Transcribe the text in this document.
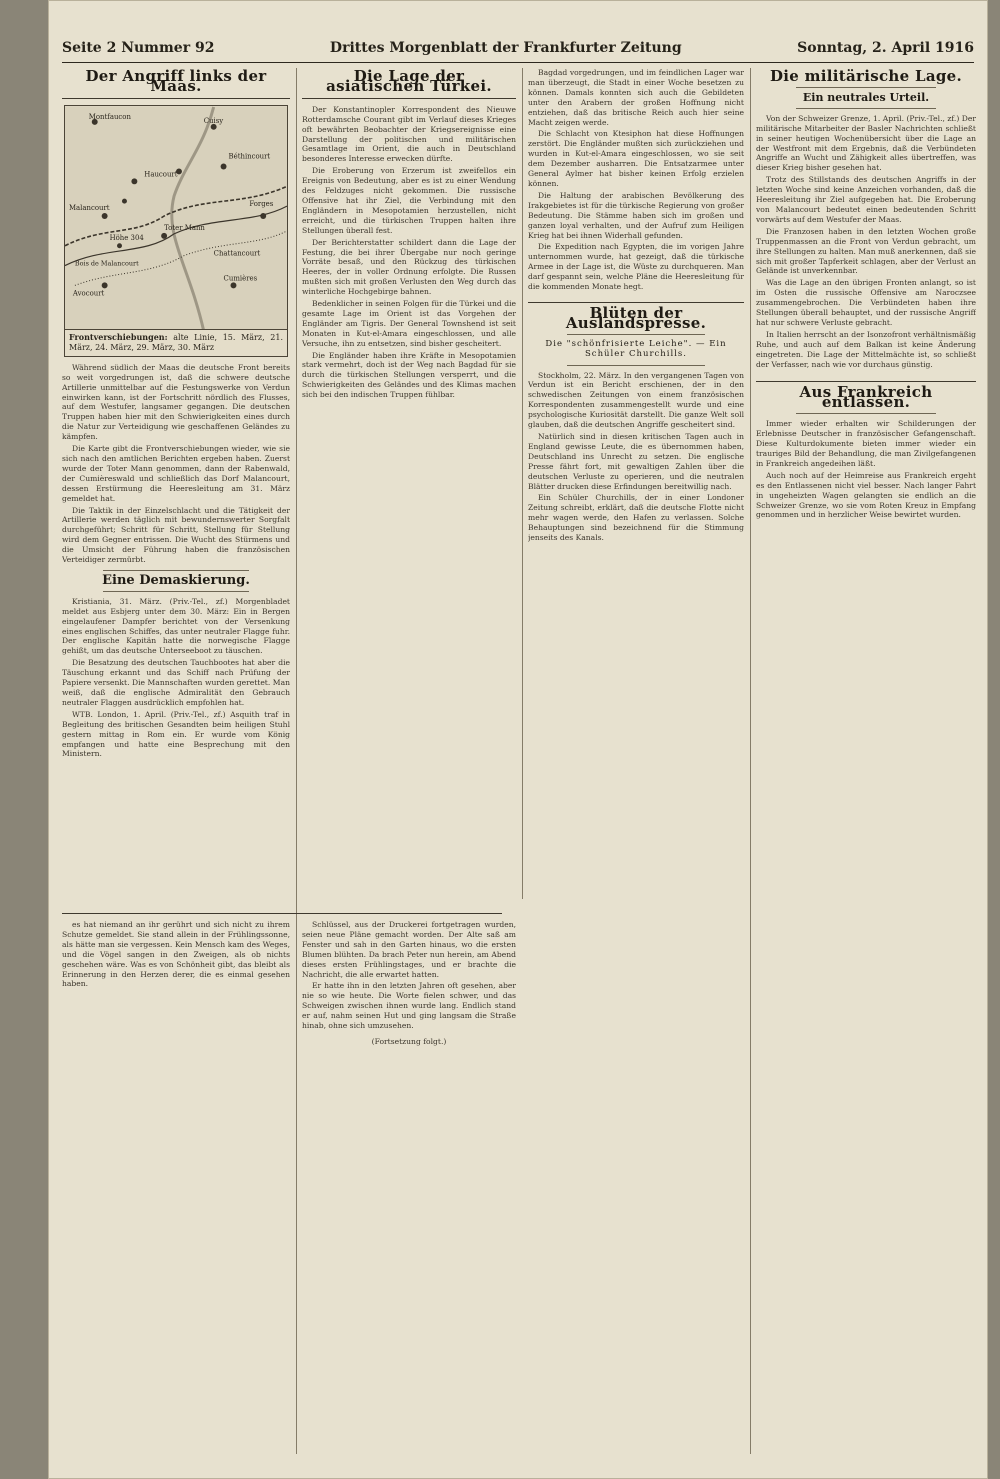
Seite 2 Nummer 92	Drittes Morgenblatt der Frankfurter Zeitung	Sonntag, 2. April 1916
Der Angriff links der Maas.
Montfaucon	Cuisy
Malancourt
Haucourt
Béthincourt
Forges
Cumières
Toter Mann
Höhe 304
Avocourt
Chattancourt
Bois de Malancourt
Frontverschiebungen: alte Linie, 15. März, 21. März, 24. März, 29. März, 30. März

Während südlich der Maas die deutsche Front bereits so weit vorgedrungen ist, daß die schwere deutsche Artillerie unmittelbar auf die Festungswerke von Verdun einwirken kann, ist der Fortschritt nördlich des Flusses, auf dem Westufer, langsamer gegangen. Die deutschen Truppen haben hier mit den Schwierigkeiten eines durch die Natur zur Verteidigung wie geschaffenen Geländes zu kämpfen.

Die Karte gibt die Frontverschiebungen wieder, wie sie sich nach den amtlichen Berichten ergeben haben. Zuerst wurde der Toter Mann genommen, dann der Rabenwald, der Cumièreswald und schließlich das Dorf Malancourt, dessen Erstürmung die Heeresleitung am 31. März gemeldet hat.

Die Taktik in der Einzelschlacht und die Tätigkeit der Artillerie werden täglich mit bewundernswerter Sorgfalt durchgeführt; Schritt für Schritt, Stellung für Stellung wird dem Gegner entrissen. Die Wucht des Stürmens und die Umsicht der Führung haben die französischen Verteidiger zermürbt.

Eine Demaskierung.

Kristiania, 31. März. (Priv.-Tel., zf.) Morgenbladet meldet aus Esbjerg unter dem 30. März: Ein in Bergen eingelaufener Dampfer berichtet von der Versenkung eines englischen Schiffes, das unter neutraler Flagge fuhr. Der englische Kapitän hatte die norwegische Flagge gehißt, um das deutsche Unterseeboot zu täuschen.

Die Besatzung des deutschen Tauchbootes hat aber die Täuschung erkannt und das Schiff nach Prüfung der Papiere versenkt. Die Mannschaften wurden gerettet. Man weiß, daß die englische Admiralität den Gebrauch neutraler Flaggen ausdrücklich empfohlen hat.

WTB. London, 1. April. (Priv.-Tel., zf.) Asquith traf in Begleitung des britischen Gesandten beim heiligen Stuhl gestern mittag in Rom ein. Er wurde vom König empfangen und hatte eine Besprechung mit den Ministern.

Die Lage der asiatischen Türkei.

Der Konstantinopler Korrespondent des Nieuwe Rotterdamsche Courant gibt im Verlauf dieses Krieges oft bewährten Beobachter der Kriegsereignisse eine Darstellung der politischen und militärischen Gesamtlage im Orient, die auch in Deutschland besonderes Interesse erwecken dürfte.

Die Eroberung von Erzerum ist zweifellos ein Ereignis von Bedeutung, aber es ist zu einer Wendung des Feldzuges nicht gekommen. Die russische Offensive hat ihr Ziel, die Verbindung mit den Engländern in Mesopotamien herzustellen, nicht erreicht, und die türkischen Truppen halten ihre Stellungen überall fest.

Der Berichterstatter schildert dann die Lage der Festung, die bei ihrer Übergabe nur noch geringe Vorräte besaß, und den Rückzug des türkischen Heeres, der in voller Ordnung erfolgte. Die Russen mußten sich mit großen Verlusten den Weg durch das winterliche Hochgebirge bahnen.

Bedenklicher in seinen Folgen für die Türkei und die gesamte Lage im Orient ist das Vorgehen der Engländer am Tigris. Der General Townshend ist seit Monaten in Kut-el-Amara eingeschlossen, und alle Versuche, ihn zu entsetzen, sind bisher gescheitert.

Die Engländer haben ihre Kräfte in Mesopotamien stark vermehrt, doch ist der Weg nach Bagdad für sie durch die türkischen Stellungen versperrt, und die Schwierigkeiten des Geländes und des Klimas machen sich bei den indischen Truppen fühlbar.

Bagdad vorgedrungen, und im feindlichen Lager war man überzeugt, die Stadt in einer Woche besetzen zu können. Damals konnten sich auch die Gebildeten unter den Arabern der großen Hoffnung nicht entziehen, daß das britische Reich auch hier seine Macht zeigen werde.

Die Schlacht von Ktesiphon hat diese Hoffnungen zerstört. Die Engländer mußten sich zurückziehen und wurden in Kut-el-Amara eingeschlossen, wo sie seit dem Dezember ausharren. Die Entsatzarmee unter General Aylmer hat bisher keinen Erfolg erzielen können.

Die Haltung der arabischen Bevölkerung des Irakgebietes ist für die türkische Regierung von großer Bedeutung. Die Stämme haben sich im großen und ganzen loyal verhalten, und der Aufruf zum Heiligen Krieg hat bei ihnen Widerhall gefunden.

Die Expedition nach Egypten, die im vorigen Jahre unternommen wurde, hat gezeigt, daß die türkische Armee in der Lage ist, die Wüste zu durchqueren. Man darf gespannt sein, welche Pläne die Heeresleitung für die kommenden Monate hegt.

Blüten der Auslandspresse.
Die "schönfrisierte Leiche". — Ein Schüler Churchills.

Stockholm, 22. März. In den vergangenen Tagen von Verdun ist ein Bericht erschienen, der in den schwedischen Zeitungen von einem französischen Korrespondenten zusammengestellt wurde und eine psychologische Kuriosität darstellt. Die ganze Welt soll glauben, daß die deutschen Angriffe gescheitert sind.

Natürlich sind in diesen kritischen Tagen auch in England gewisse Leute, die es übernommen haben, Deutschland ins Unrecht zu setzen. Die englische Presse fährt fort, mit gewaltigen Zahlen über die deutschen Verluste zu operieren, und die neutralen Blätter drucken diese Erfindungen bereitwillig nach.

Ein Schüler Churchills, der in einer Londoner Zeitung schreibt, erklärt, daß die deutsche Flotte nicht mehr wagen werde, den Hafen zu verlassen. Solche Behauptungen sind bezeichnend für die Stimmung jenseits des Kanals.

Die militärische Lage.
Ein neutrales Urteil.

Von der Schweizer Grenze, 1. April. (Priv.-Tel., zf.) Der militärische Mitarbeiter der Basler Nachrichten schließt in seiner heutigen Wochenübersicht über die Lage an der Westfront mit dem Ergebnis, daß die Verbündeten Angriffe an Wucht und Zähigkeit alles übertreffen, was dieser Krieg bisher gesehen hat.

Trotz des Stillstands des deutschen Angriffs in der letzten Woche sind keine Anzeichen vorhanden, daß die Heeresleitung ihr Ziel aufgegeben hat. Die Eroberung von Malancourt bedeutet einen bedeutenden Schritt vorwärts auf dem Westufer der Maas.

Die Franzosen haben in den letzten Wochen große Truppenmassen an die Front von Verdun gebracht, um ihre Stellungen zu halten. Man muß anerkennen, daß sie sich mit großer Tapferkeit schlagen, aber der Verlust an Gelände ist unverkennbar.

Was die Lage an den übrigen Fronten anlangt, so ist im Osten die russische Offensive am Naroczsee zusammengebrochen. Die Verbündeten haben ihre Stellungen überall behauptet, und der russische Angriff hat nur schwere Verluste gebracht.

In Italien herrscht an der Isonzofront verhältnismäßig Ruhe, und auch auf dem Balkan ist keine Änderung eingetreten. Die Lage der Mittelmächte ist, so schließt der Verfasser, nach wie vor durchaus günstig.

Aus Frankreich entlassen.

Immer wieder erhalten wir Schilderungen der Erlebnisse Deutscher in französischer Gefangenschaft. Diese Kulturdokumente bieten immer wieder ein trauriges Bild der Behandlung, die man Zivilgefangenen in Frankreich angedeihen läßt.

Auch noch auf der Heimreise aus Frankreich ergeht es den Entlassenen nicht viel besser. Nach langer Fahrt in ungeheizten Wagen gelangten sie endlich an die Schweizer Grenze, wo sie vom Roten Kreuz in Empfang genommen und in herzlicher Weise bewirtet wurden.

es hat niemand an ihr gerührt und sich nicht zu ihrem Schutze gemeldet. Sie stand allein in der Frühlingssonne, als hätte man sie vergessen. Kein Mensch kam des Weges, und die Vögel sangen in den Zweigen, als ob nichts geschehen wäre. Was es von Schönheit gibt, das bleibt als Erinnerung in den Herzen derer, die es einmal gesehen haben.

Schlüssel, aus der Druckerei fortgetragen wurden, seien neue Pläne gemacht worden. Der Alte saß am Fenster und sah in den Garten hinaus, wo die ersten Blumen blühten. Da brach Peter nun herein, am Abend dieses ersten Frühlingstages, und er brachte die Nachricht, die alle erwartet hatten.

Er hatte ihn in den letzten Jahren oft gesehen, aber nie so wie heute. Die Worte fielen schwer, und das Schweigen zwischen ihnen wurde lang. Endlich stand er auf, nahm seinen Hut und ging langsam die Straße hinab, ohne sich umzusehen.

(Fortsetzung folgt.)
